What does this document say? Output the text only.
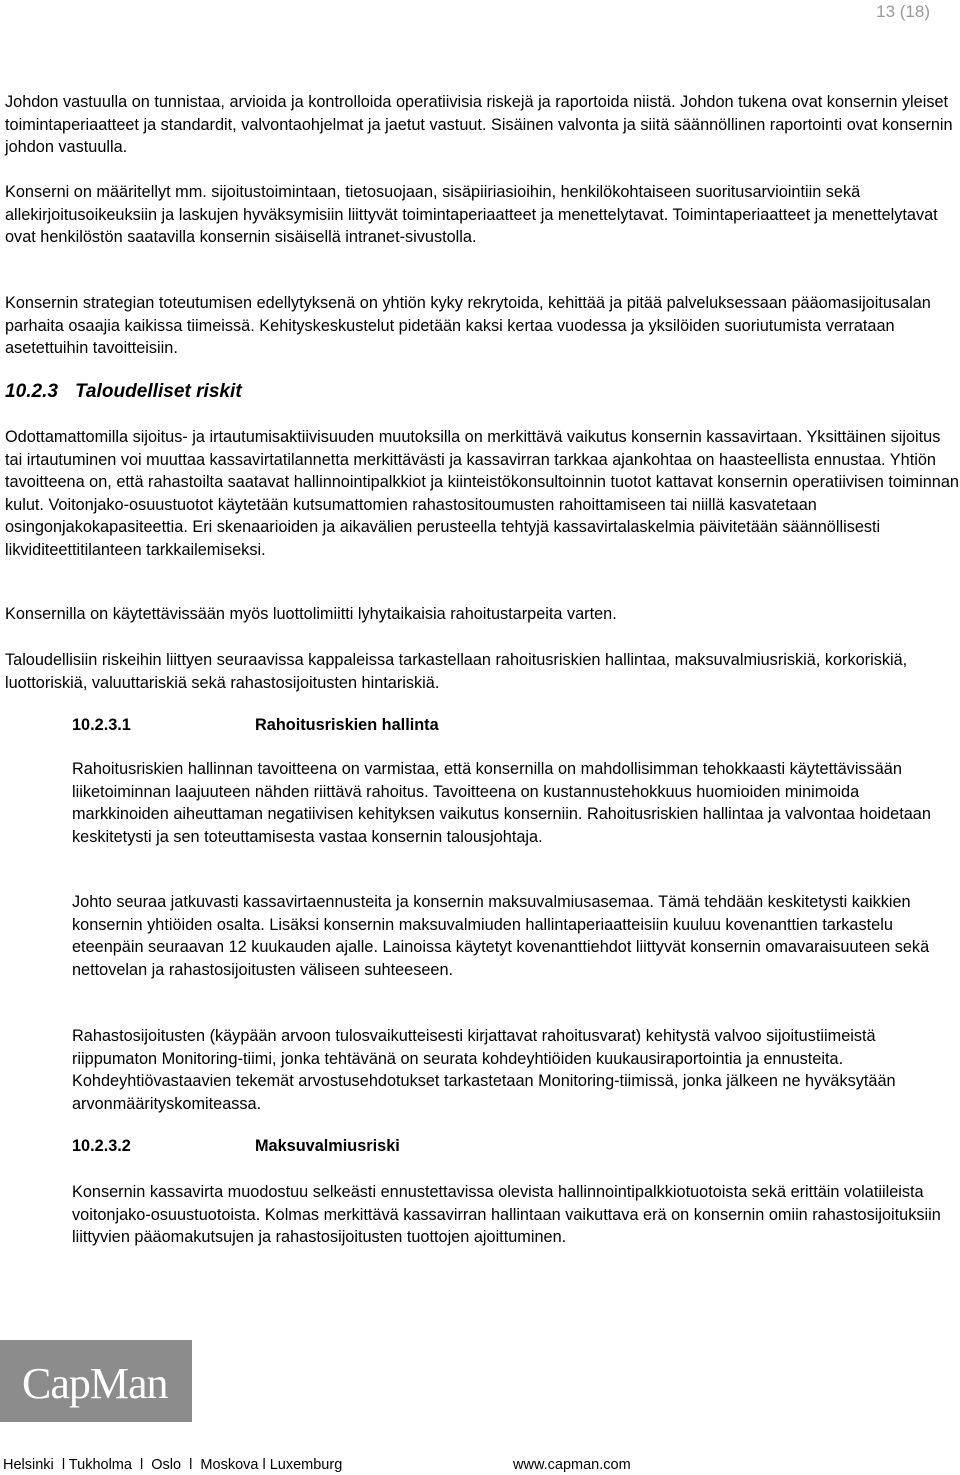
13 (18)

Johdon vastuulla on tunnistaa, arvioida ja kontrolloida operatiivisia riskejä ja raportoida niistä. Johdon tukena ovat konsernin yleiset toimintaperiaatteet ja standardit, valvontaohjelmat ja jaetut vastuut. Sisäinen valvonta ja siitä säännöllinen raportointi ovat konsernin johdon vastuulla.

Konserni on määritellyt mm. sijoitustoimintaan, tietosuojaan, sisäpiiriasioihin, henkilökohtaiseen suoritusarviointiin sekä allekirjoitusoikeuksiin ja laskujen hyväksymisiin liittyvät toimintaperiaatteet ja menettelytavat. Toimintaperiaatteet ja menettelytavat ovat henkilöstön saatavilla konsernin sisäisellä intranet-sivustolla.

Konsernin strategian toteutumisen edellytyksenä on yhtiön kyky rekrytoida, kehittää ja pitää palveluksessaan pääomasijoitusalan parhaita osaajia kaikissa tiimeissä. Kehityskeskustelut pidetään kaksi kertaa vuodessa ja yksilöiden suoriutumista verrataan asetettuihin tavoitteisiin.

10.2.3 Taloudelliset riskit

Odottamattomilla sijoitus- ja irtautumisaktiivisuuden muutoksilla on merkittävä vaikutus konsernin kassavirtaan. Yksittäinen sijoitus tai irtautuminen voi muuttaa kassavirtatilannetta merkittävästi ja kassavirran tarkkaa ajankohtaa on haasteellista ennustaa. Yhtiön tavoitteena on, että rahastoilta saatavat hallinnointipalkkiot ja kiinteistökonsultoinnin tuotot kattavat konsernin operatiivisen toiminnan kulut. Voitonjako-osuustuotot käytetään kutsumattomien rahastositoumusten rahoittamiseen tai niillä kasvatetaan osingonjakokapasiteettia. Eri skenaarioiden ja aikavälien perusteella tehtyjä kassavirtalaskelmia päivitetään säännöllisesti likviditeettitilanteen tarkkailemiseksi.

Konsernilla on käytettävissään myös luottolimiitti lyhytaikaisia rahoitustarpeita varten.

Taloudellisiin riskeihin liittyen seuraavissa kappaleissa tarkastellaan rahoitusriskien hallintaa, maksuvalmiusriskiä, korkoriskiä, luottoriskiä, valuuttariskiä sekä rahastosijoitusten hintariskiä.

10.2.3.1	Rahoitusriskien hallinta

Rahoitusriskien hallinnan tavoitteena on varmistaa, että konsernilla on mahdollisimman tehokkaasti käytettävissään liiketoiminnan laajuuteen nähden riittävä rahoitus. Tavoitteena on kustannustehokkuus huomioiden minimoida markkinoiden aiheuttaman negatiivisen kehityksen vaikutus konserniin. Rahoitusriskien hallintaa ja valvontaa hoidetaan keskitetysti ja sen toteuttamisesta vastaa konsernin talousjohtaja.

Johto seuraa jatkuvasti kassavirtaennusteita ja konsernin maksuvalmiusasemaa. Tämä tehdään keskitetysti kaikkien konsernin yhtiöiden osalta. Lisäksi konsernin maksuvalmiuden hallintaperiaatteisiin kuuluu kovenanttien tarkastelu eteenpäin seuraavan 12 kuukauden ajalle. Lainoissa käytetyt kovenanttiehdot liittyvät konsernin omavaraisuuteen sekä nettovelan ja rahastosijoitusten väliseen suhteeseen.

Rahastosijoitusten (käypään arvoon tulosvaikutteisesti kirjattavat rahoitusvarat) kehitystä valvoo sijoitustiimeistä riippumaton Monitoring-tiimi, jonka tehtävänä on seurata kohdeyhtiöiden kuukausiraportointia ja ennusteita. Kohdeyhtiövastaavien tekemät arvostusehdotukset tarkastetaan Monitoring-tiimissä, jonka jälkeen ne hyväksytään arvonmäärityskomiteassa.

10.2.3.2	Maksuvalmiusriski

Konsernin kassavirta muodostuu selkeästi ennustettavissa olevista hallinnointipalkkiotuotoista sekä erittäin volatiileista voitonjako-osuustuotoista. Kolmas merkittävä kassavirran hallintaan vaikuttava erä on konsernin omiin rahastosijoituksiin liittyvien pääomakutsujen ja rahastosijoitusten tuottojen ajoittuminen.

CapMan
Helsinki  l Tukholma  l  Oslo  l  Moskova l Luxemburg	www.capman.com
